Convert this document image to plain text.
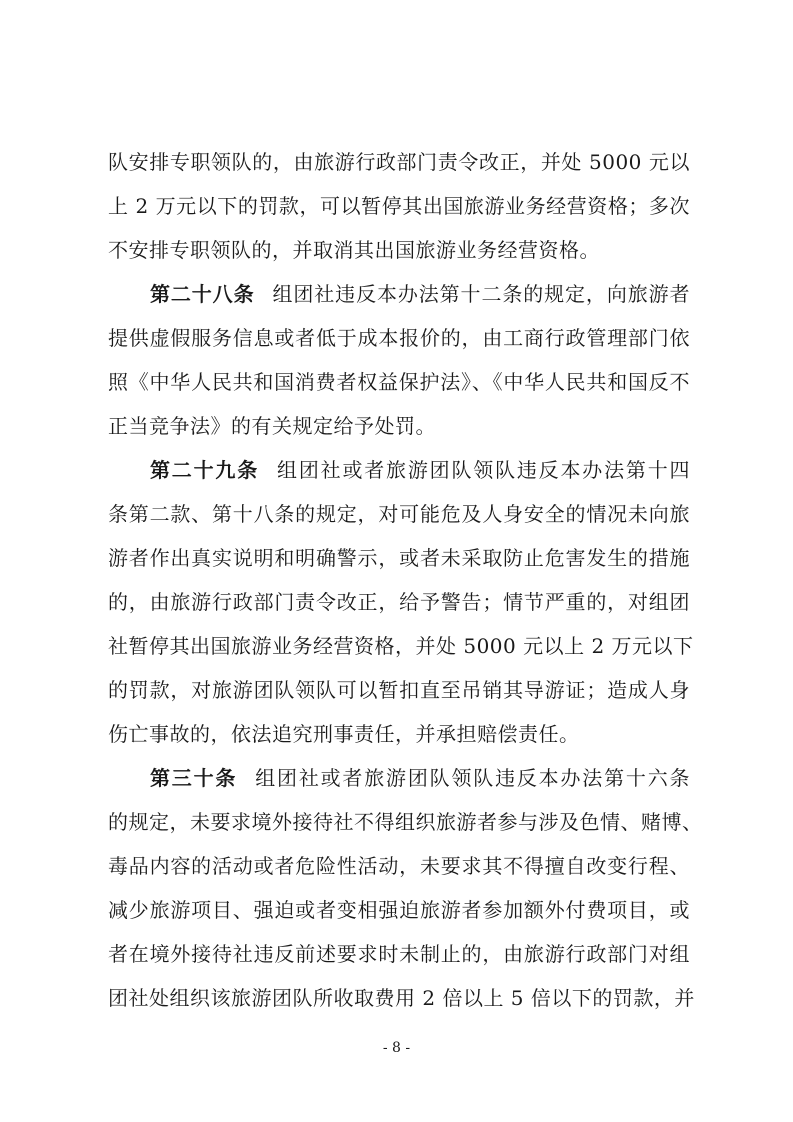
队安排专职领队的，由旅游行政部门责令改正，并处 5000 元以
上 2 万元以下的罚款，可以暂停其出国旅游业务经营资格；多次
不安排专职领队的，并取消其出国旅游业务经营资格。
第二十八条 组团社违反本办法第十二条的规定，向旅游者
提供虚假服务信息或者低于成本报价的，由工商行政管理部门依
照《中华人民共和国消费者权益保护法》、《中华人民共和国反不
正当竞争法》的有关规定给予处罚。
第二十九条 组团社或者旅游团队领队违反本办法第十四
条第二款、第十八条的规定，对可能危及人身安全的情况未向旅
游者作出真实说明和明确警示，或者未采取防止危害发生的措施
的，由旅游行政部门责令改正，给予警告；情节严重的，对组团
社暂停其出国旅游业务经营资格，并处 5000 元以上 2 万元以下
的罚款，对旅游团队领队可以暂扣直至吊销其导游证；造成人身
伤亡事故的，依法追究刑事责任，并承担赔偿责任。
第三十条 组团社或者旅游团队领队违反本办法第十六条
的规定，未要求境外接待社不得组织旅游者参与涉及色情、赌博、
毒品内容的活动或者危险性活动，未要求其不得擅自改变行程、
减少旅游项目、强迫或者变相强迫旅游者参加额外付费项目，或
者在境外接待社违反前述要求时未制止的，由旅游行政部门对组
团社处组织该旅游团队所收取费用 2 倍以上 5 倍以下的罚款，并
- 8 -
